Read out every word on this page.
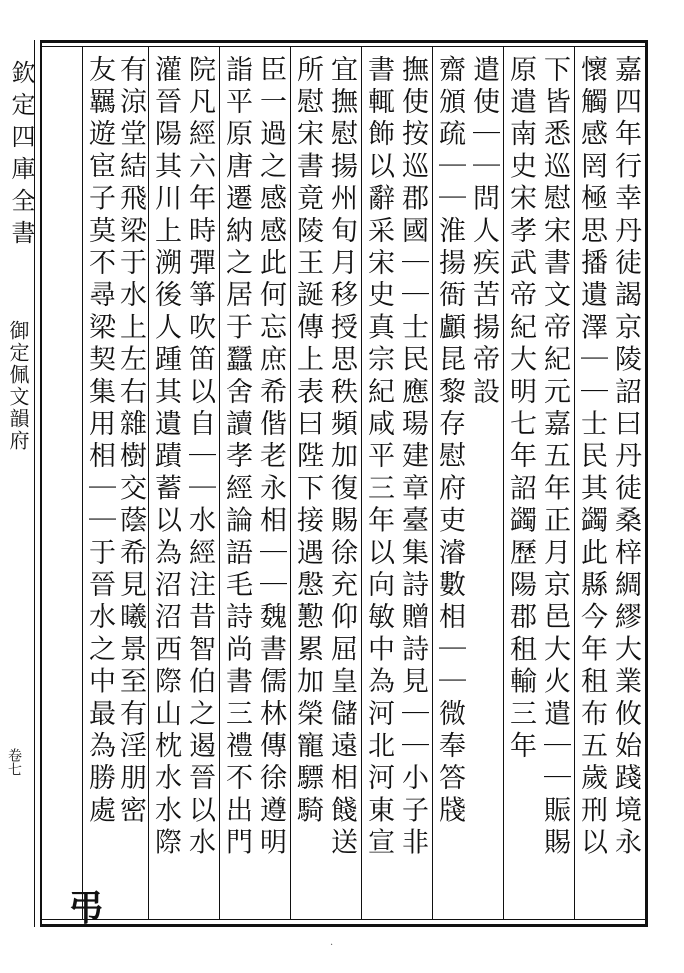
欽定四庫全書
御定佩文韻府
卷七	嘉四年行幸丹徒謁京陵詔曰丹徒桑梓綢繆大業攸始踐境永
懷觸感罔極思播遺澤｜｜士民其蠲此縣今年租布五歲刑以
下皆悉巡慰宋書文帝紀元嘉五年正月京邑大火遣｜｜賑賜
原遣南史宋孝武帝紀大明七年詔蠲歷陽郡租輸三年
遣使｜｜問人疾苦揚帝設
齋頒疏｜｜淮揚衙顱昆黎存慰府吏濬數相｜｜微奉答牋
撫使按巡郡國｜｜士民應瑒建章臺集詩贈詩見｜｜小子非
書輒飾以辭采宋史真宗紀咸平三年以向敏中為河北河東宣
宜撫慰揚州旬月移授思秩頻加復賜徐充仰屈皇儲遠相餞送
所慰宋書竟陵王誕傳上表曰陛下接遇慇懃累加榮寵驃騎
臣一過之感感此何忘庶希偕老永相｜｜魏書儒林傳徐遵明
詣平原唐遷納之居于蠶舍讀孝經論語毛詩尚書三禮不出門
院凡經六年時彈箏吹笛以自｜｜水經注昔智伯之遏晉以水
灌晉陽其川上溯後人踵其遺蹟蓄以為沼沼西際山枕水水際
有涼堂結飛梁于水上左右雜樹交蔭希見曦景至有淫朋密
友羈遊宦子莫不尋梁契集用相｜｜于晉水之中最為勝處
弔
·
